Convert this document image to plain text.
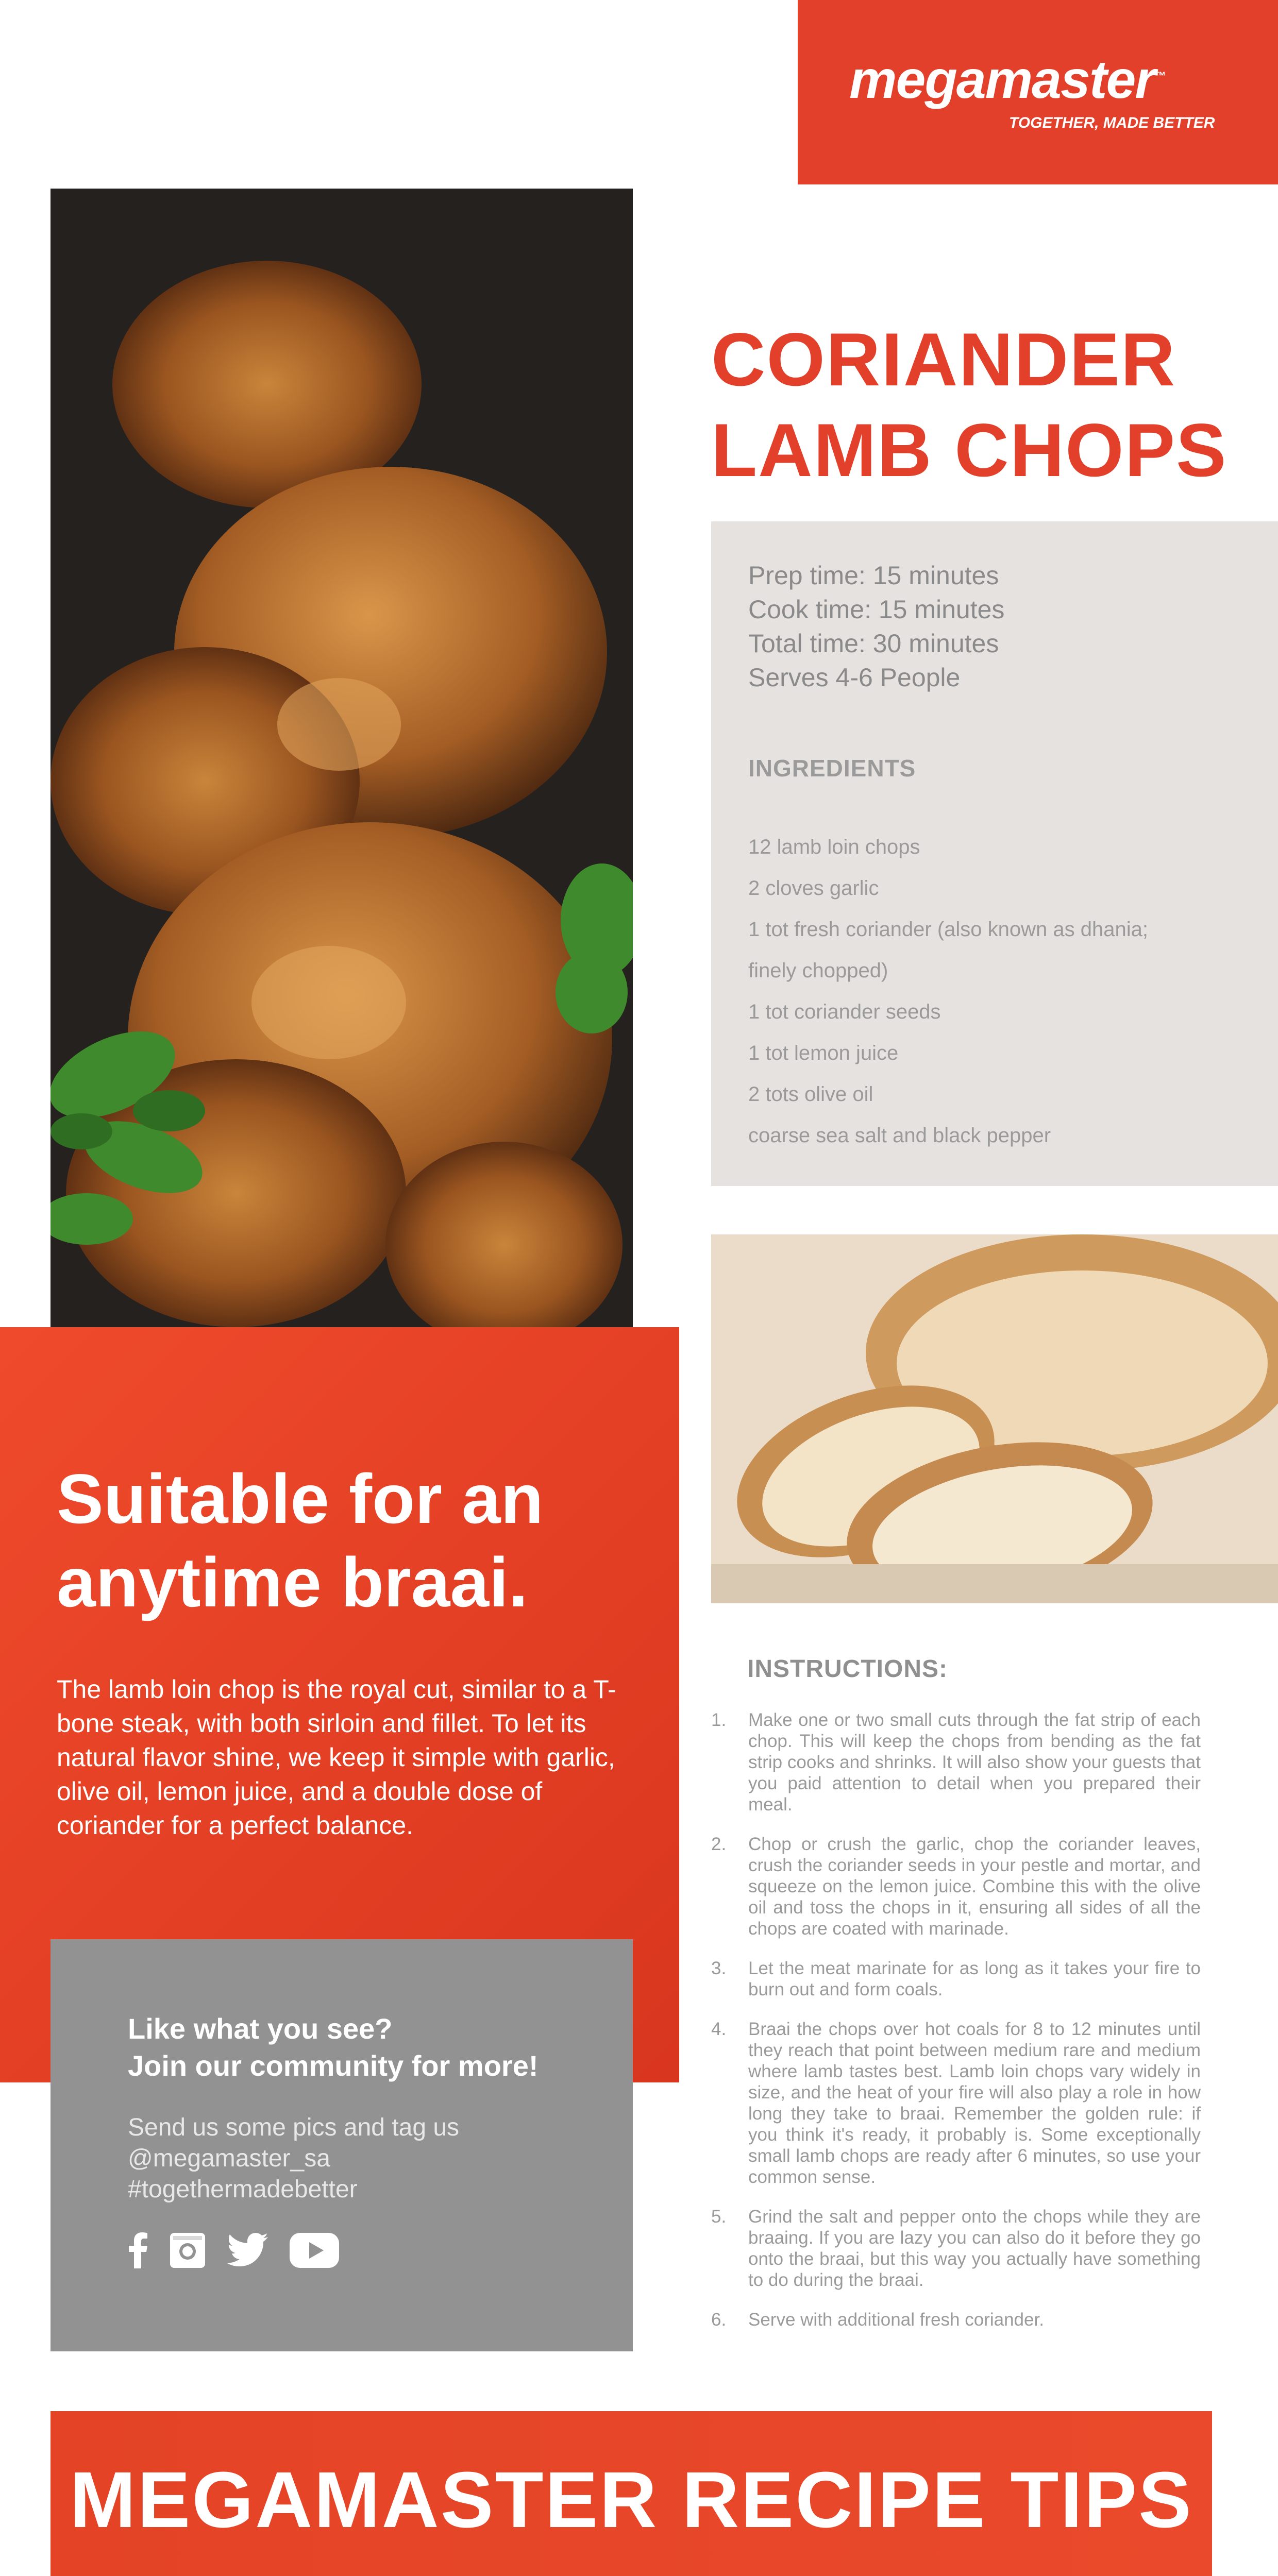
megamaster™
TOGETHER, MADE BETTER
CORIANDER
LAMB CHOPS
Prep time: 15 minutes
Cook time: 15 minutes
Total time: 30 minutes
Serves 4-6 People
INGREDIENTS
12 lamb loin chops
2 cloves garlic
1 tot fresh coriander (also known as dhania;
finely chopped)
1 tot coriander seeds
1 tot lemon juice
2 tots olive oil
coarse sea salt and black pepper
Suitable for an
anytime braai.
The lamb loin chop is the royal cut, similar to a T-bone steak, with both sirloin and fillet. To let its natural flavor shine, we keep it simple with garlic, olive oil, lemon juice, and a double dose of coriander for a perfect balance.
Like what you see?
Join our community for more!
Send us some pics and tag us
@megamaster_sa
#togethermadebetter
INSTRUCTIONS:
1. Make one or two small cuts through the fat strip of each chop. This will keep the chops from bending as the fat strip cooks and shrinks. It will also show your guests that you paid attention to detail when you prepared their meal.
2. Chop or crush the garlic, chop the coriander leaves, crush the coriander seeds in your pestle and mortar, and squeeze on the lemon juice. Combine this with the olive oil and toss the chops in it, ensuring all sides of all the chops are coated with marinade.
3. Let the meat marinate for as long as it takes your fire to burn out and form coals.
4. Braai the chops over hot coals for 8 to 12 minutes until they reach that point between medium rare and medium where lamb tastes best. Lamb loin chops vary widely in size, and the heat of your fire will also play a role in how long they take to braai. Remember the golden rule: if you think it's ready, it probably is. Some exceptionally small lamb chops are ready after 6 minutes, so use your common sense.
5. Grind the salt and pepper onto the chops while they are braaing. If you are lazy you can also do it before they go onto the braai, but this way you actually have something to do during the braai.
6. Serve with additional fresh coriander.
MEGAMASTER RECIPE TIPS
